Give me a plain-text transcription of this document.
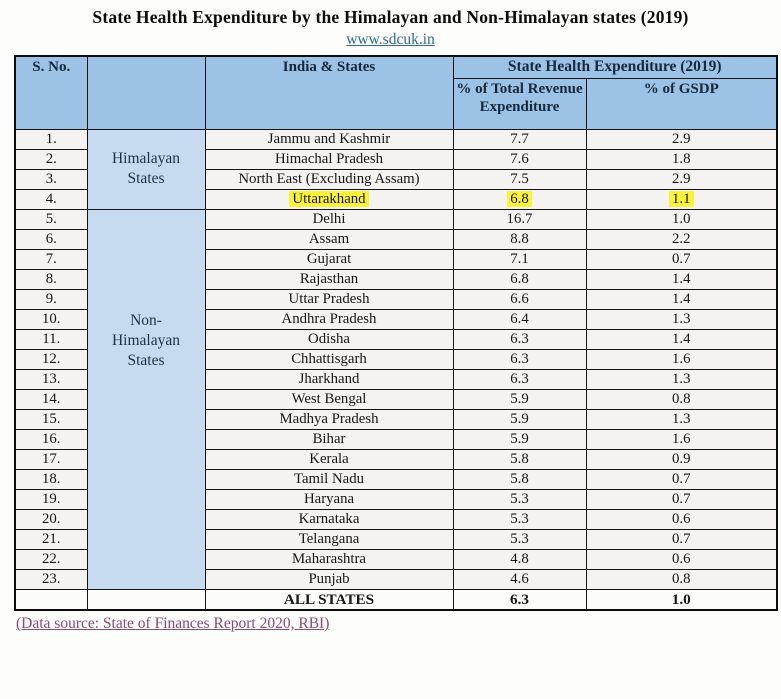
State Health Expenditure by the Himalayan and Non-Himalayan states (2019)
www.sdcuk.in
S. No.		India & States	State Health Expenditure (2019)	
			% of Total Revenue Expenditure	% of GSDP
1.	Himalayan States	Jammu and Kashmir	7.7	2.9
2.		Himachal Pradesh	7.6	1.8
3.		North East (Excluding Assam)	7.5	2.9
4.		Uttarakhand	6.8	1.1
5.	Non-Himalayan States	Delhi	16.7	1.0
6.		Assam	8.8	2.2
7.		Gujarat	7.1	0.7
8.		Rajasthan	6.8	1.4
9.		Uttar Pradesh	6.6	1.4
10.		Andhra Pradesh	6.4	1.3
11.		Odisha	6.3	1.4
12.		Chhattisgarh	6.3	1.6
13.		Jharkhand	6.3	1.3
14.		West Bengal	5.9	0.8
15.		Madhya Pradesh	5.9	1.3
16.		Bihar	5.9	1.6
17.		Kerala	5.8	0.9
18.		Tamil Nadu	5.8	0.7
19.		Haryana	5.3	0.7
20.		Karnataka	5.3	0.6
21.		Telangana	5.3	0.7
22.		Maharashtra	4.8	0.6
23.		Punjab	4.6	0.8
		ALL STATES	6.3	1.0
(Data source: State of Finances Report 2020, RBI)
